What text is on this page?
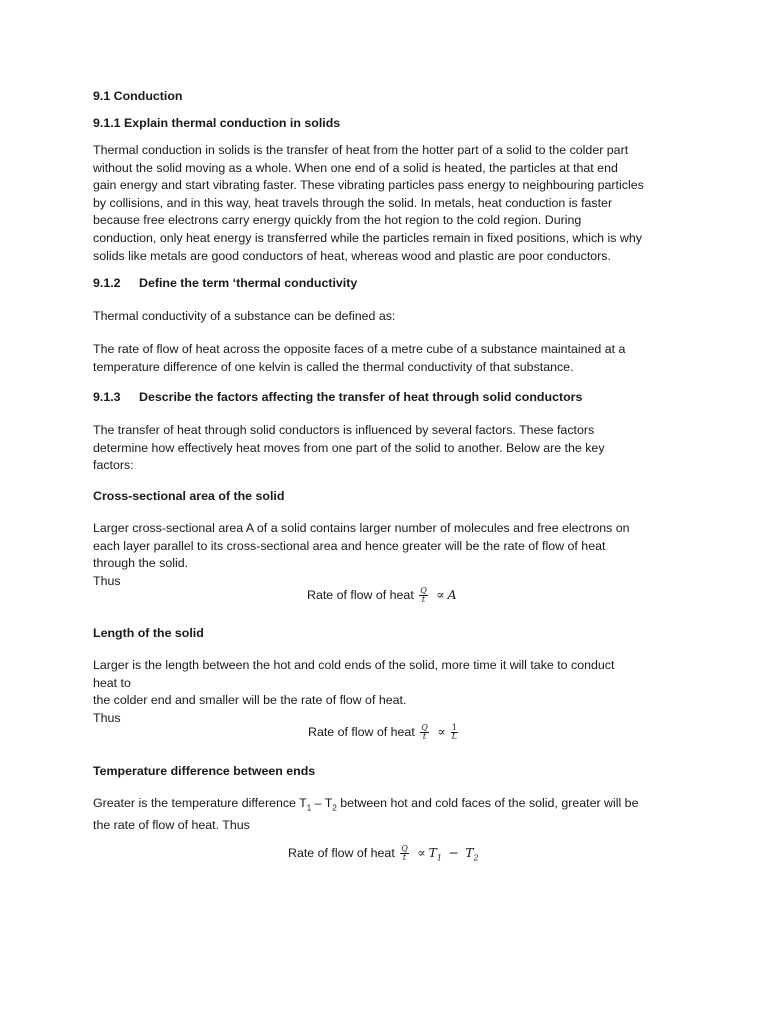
9.1 Conduction
9.1.1 Explain thermal conduction in solids
Thermal conduction in solids is the transfer of heat from the hotter part of a solid to the colder part
without the solid moving as a whole. When one end of a solid is heated, the particles at that end
gain energy and start vibrating faster. These vibrating particles pass energy to neighbouring particles
by collisions, and in this way, heat travels through the solid. In metals, heat conduction is faster
because free electrons carry energy quickly from the hot region to the cold region. During
conduction, only heat energy is transferred while the particles remain in fixed positions, which is why
solids like metals are good conductors of heat, whereas wood and plastic are poor conductors.
9.1.2 Define the term ‘thermal conductivity
Thermal conductivity of a substance can be defined as:
The rate of flow of heat across the opposite faces of a metre cube of a substance maintained at a
temperature difference of one kelvin is called the thermal conductivity of that substance.
9.1.3 Describe the factors affecting the transfer of heat through solid conductors
The transfer of heat through solid conductors is influenced by several factors. These factors
determine how effectively heat moves from one part of the solid to another. Below are the key
factors:
Cross-sectional area of the solid
Larger cross-sectional area A of a solid contains larger number of molecules and free electrons on
each layer parallel to its cross-sectional area and hence greater will be the rate of flow of heat
through the solid.
Thus
Rate of flow of heat $\frac{Q}{t} \propto A$
Length of the solid
Larger is the length between the hot and cold ends of the solid, more time it will take to conduct
heat to
the colder end and smaller will be the rate of flow of heat.
Thus
Rate of flow of heat $\frac{Q}{t} \propto \frac{1}{L}$
Temperature difference between ends
Greater is the temperature difference $T_1 - T_2$ between hot and cold faces of the solid, greater will be
the rate of flow of heat. Thus
Rate of flow of heat $\frac{Q}{t} \propto T_1 - T_2$
